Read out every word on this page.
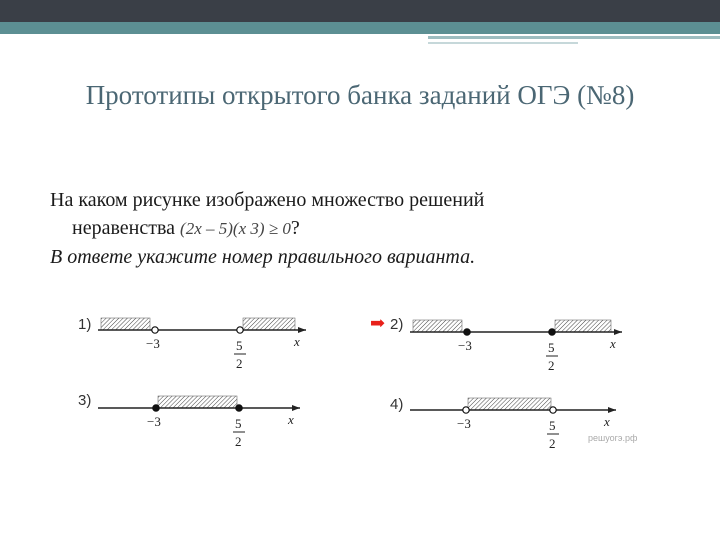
Прототипы открытого банка заданий ОГЭ (№8)
На каком рисунке изображено множество решений
неравенства (2x – 5)(x 3) ≥ 0?
В ответе укажите номер правильного варианта.
1)
−3	5
2
x
➡ 2)
−3	5
2
x
3)
−3	5
2
x
4)
−3	5
2
x
решуогэ.рф
